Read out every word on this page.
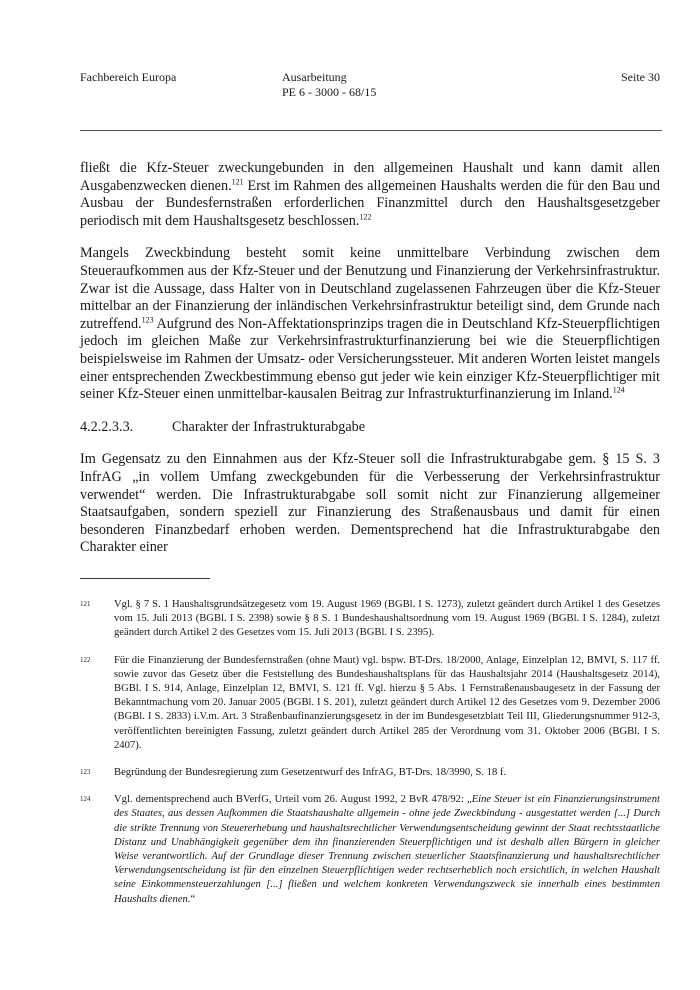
Fachbereich Europa	Ausarbeitung
PE 6 - 3000 - 68/15
Seite 30

fließt die Kfz-Steuer zweckungebunden in den allgemeinen Haushalt und kann damit allen Ausgabenzwecken dienen.$^{121}$ Erst im Rahmen des allgemeinen Haushalts werden die für den Bau und Ausbau der Bundesfernstraßen erforderlichen Finanzmittel durch den Haushaltsgesetzgeber periodisch mit dem Haushaltsgesetz beschlossen.$^{122}$

Mangels Zweckbindung besteht somit keine unmittelbare Verbindung zwischen dem Steueraufkommen aus der Kfz-Steuer und der Benutzung und Finanzierung der Verkehrsinfrastruktur. Zwar ist die Aussage, dass Halter von in Deutschland zugelassenen Fahrzeugen über die Kfz-Steuer mittelbar an der Finanzierung der inländischen Verkehrsinfrastruktur beteiligt sind, dem Grunde nach zutreffend.$^{123}$ Aufgrund des Non-Affektationsprinzips tragen die in Deutschland Kfz-Steuerpflichtigen jedoch im gleichen Maße zur Verkehrsinfrastrukturfinanzierung bei wie die Steuerpflichtigen beispielsweise im Rahmen der Umsatz- oder Versicherungssteuer. Mit anderen Worten leistet mangels einer entsprechenden Zweckbestimmung ebenso gut jeder wie kein einziger Kfz-Steuerpflichtiger mit seiner Kfz-Steuer einen unmittelbar-kausalen Beitrag zur Infrastrukturfinanzierung im Inland.$^{124}$

4.2.2.3.3.	Charakter der Infrastrukturabgabe

Im Gegensatz zu den Einnahmen aus der Kfz-Steuer soll die Infrastrukturabgabe gem. § 15 S. 3 InfrAG „in vollem Umfang zweckgebunden für die Verbesserung der Verkehrsinfrastruktur verwendet“ werden. Die Infrastrukturabgabe soll somit nicht zur Finanzierung allgemeiner Staatsaufgaben, sondern speziell zur Finanzierung des Straßenausbaus und damit für einen besonderen Finanzbedarf erhoben werden. Dementsprechend hat die Infrastrukturabgabe den Charakter einer

121 Vgl. § 7 S. 1 Haushaltsgrundsätzegesetz vom 19. August 1969 (BGBl. I S. 1273), zuletzt geändert durch Artikel 1 des Gesetzes vom 15. Juli 2013 (BGBl. I S. 2398) sowie § 8 S. 1 Bundeshaushaltsordnung vom 19. August 1969 (BGBl. I S. 1284), zuletzt geändert durch Artikel 2 des Gesetzes vom 15. Juli 2013 (BGBl. I S. 2395).
122 Für die Finanzierung der Bundesfernstraßen (ohne Maut) vgl. bspw. BT-Drs. 18/2000, Anlage, Einzelplan 12, BMVI, S. 117 ff. sowie zuvor das Gesetz über die Feststellung des Bundeshaushaltsplans für das Haushaltsjahr 2014 (Haushaltsgesetz 2014), BGBl. I S. 914, Anlage, Einzelplan 12, BMVI, S. 121 ff. Vgl. hierzu § 5 Abs. 1 Fernstraßenausbaugesetz in der Fassung der Bekanntmachung vom 20. Januar 2005 (BGBl. I S. 201), zuletzt geändert durch Artikel 12 des Gesetzes vom 9. Dezember 2006 (BGBl. I S. 2833) i.V.m. Art. 3 Straßenbaufinanzierungsgesetz in der im Bundesgesetzblatt Teil III, Gliederungsnummer 912-3, veröffentlichten bereinigten Fassung, zuletzt geändert durch Artikel 285 der Verordnung vom 31. Oktober 2006 (BGBl. I S. 2407).
123 Begründung der Bundesregierung zum Gesetzentwurf des InfrAG, BT-Drs. 18/3990, S. 18 f.
124 Vgl. dementsprechend auch BVerfG, Urteil vom 26. August 1992, 2 BvR 478/92: „Eine Steuer ist ein Finanzierungsinstrument des Staates, aus dessen Aufkommen die Staatshaushalte allgemein - ohne jede Zweckbindung - ausgestattet werden [...] Durch die strikte Trennung von Steuererhebung und haushaltsrechtlicher Verwendungsentscheidung gewinnt der Staat rechtsstaatliche Distanz und Unabhängigkeit gegenüber dem ihn finanzierenden Steuerpflichtigen und ist deshalb allen Bürgern in gleicher Weise verantwortlich. Auf der Grundlage dieser Trennung zwischen steuerlicher Staatsfinanzierung und haushaltsrechtlicher Verwendungsentscheidung ist für den einzelnen Steuerpflichtigen weder rechtserheblich noch ersichtlich, in welchen Haushalt seine Einkommensteuerzahlungen [...] fließen und welchem konkreten Verwendungszweck sie innerhalb eines bestimmten Haushalts dienen.“
